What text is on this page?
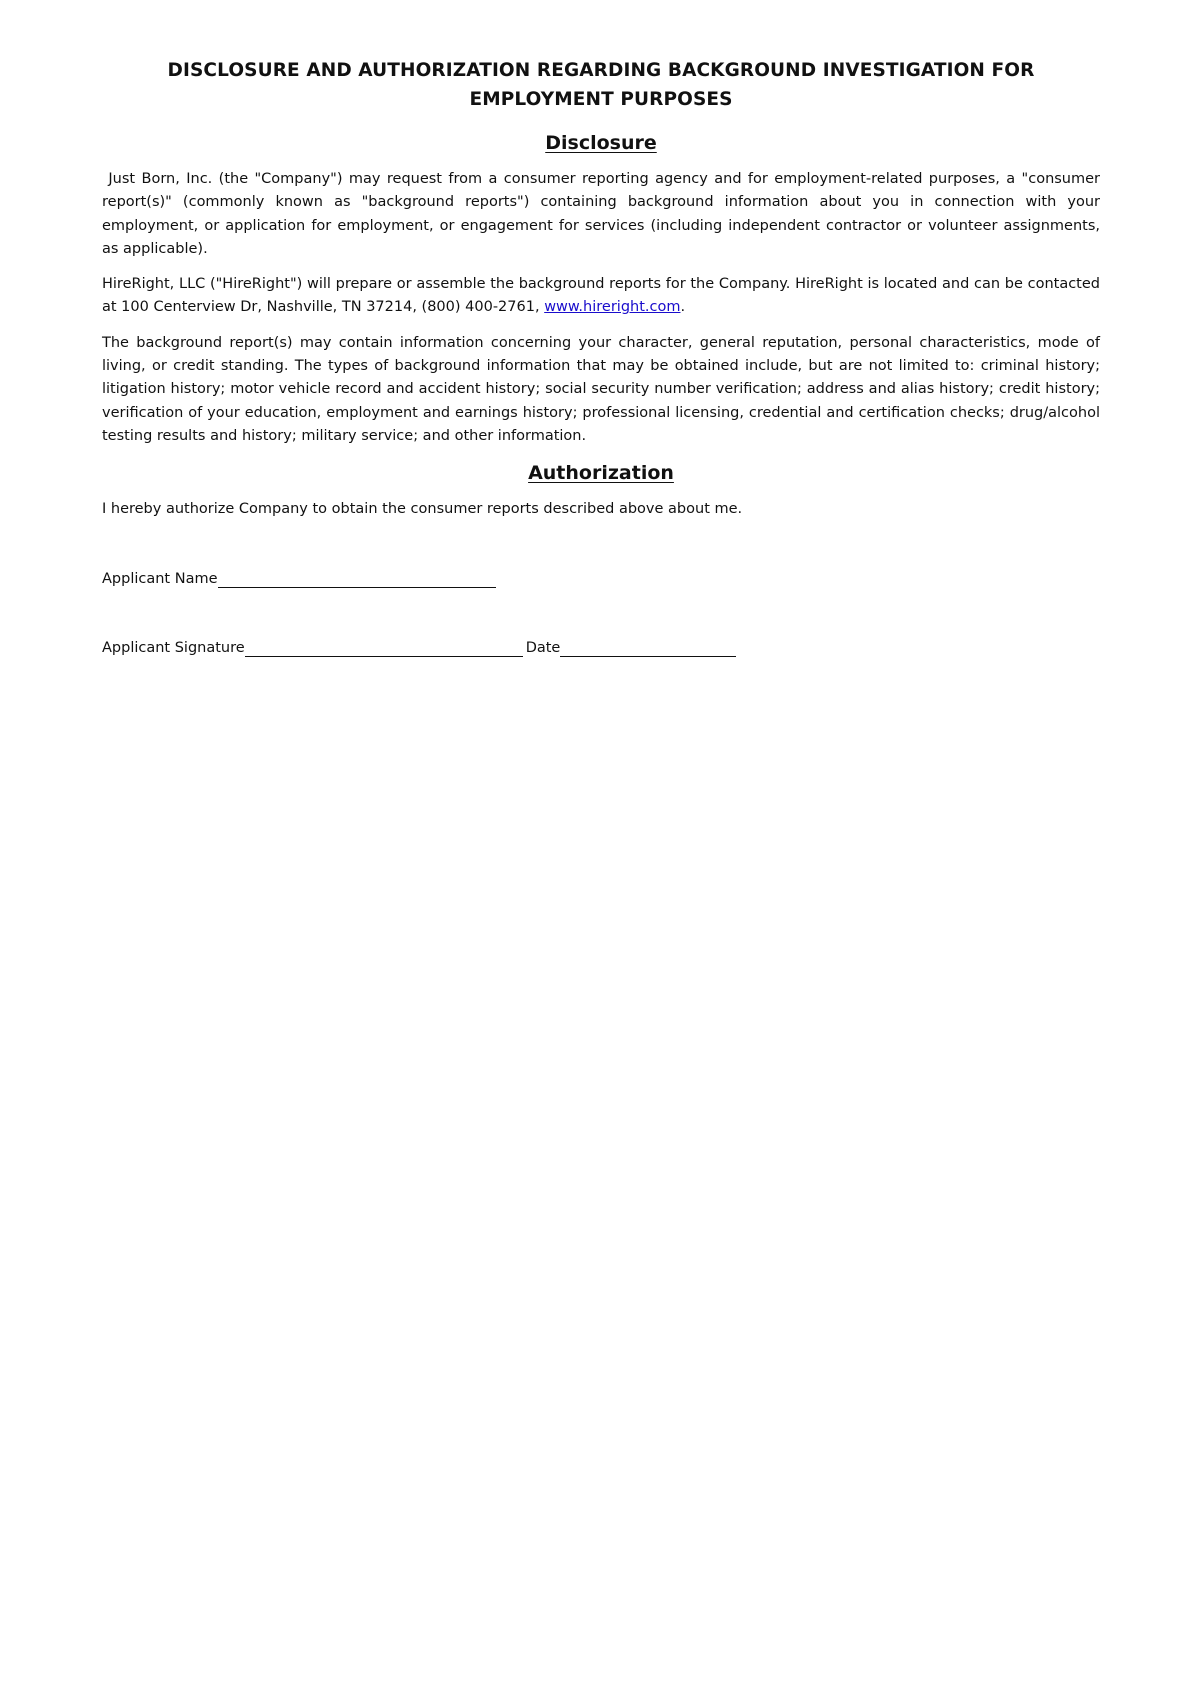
DISCLOSURE AND AUTHORIZATION REGARDING BACKGROUND INVESTIGATION FOR EMPLOYMENT PURPOSES
Disclosure

Just Born, Inc. (the "Company") may request from a consumer reporting agency and for employment-related purposes, a "consumer report(s)" (commonly known as "background reports") containing background information about you in connection with your employment, or application for employment, or engagement for services (including independent contractor or volunteer assignments, as applicable).

HireRight, LLC ("HireRight") will prepare or assemble the background reports for the Company. HireRight is located and can be contacted at 100 Centerview Dr, Nashville, TN 37214, (800) 400-2761, www.hireright.com.

The background report(s) may contain information concerning your character, general reputation, personal characteristics, mode of living, or credit standing. The types of background information that may be obtained include, but are not limited to: criminal history; litigation history; motor vehicle record and accident history; social security number verification; address and alias history; credit history; verification of your education, employment and earnings history; professional licensing, credential and certification checks; drug/alcohol testing results and history; military service; and other information.

Authorization

I hereby authorize Company to obtain the consumer reports described above about me.

Applicant Name
Applicant Signature	Date
